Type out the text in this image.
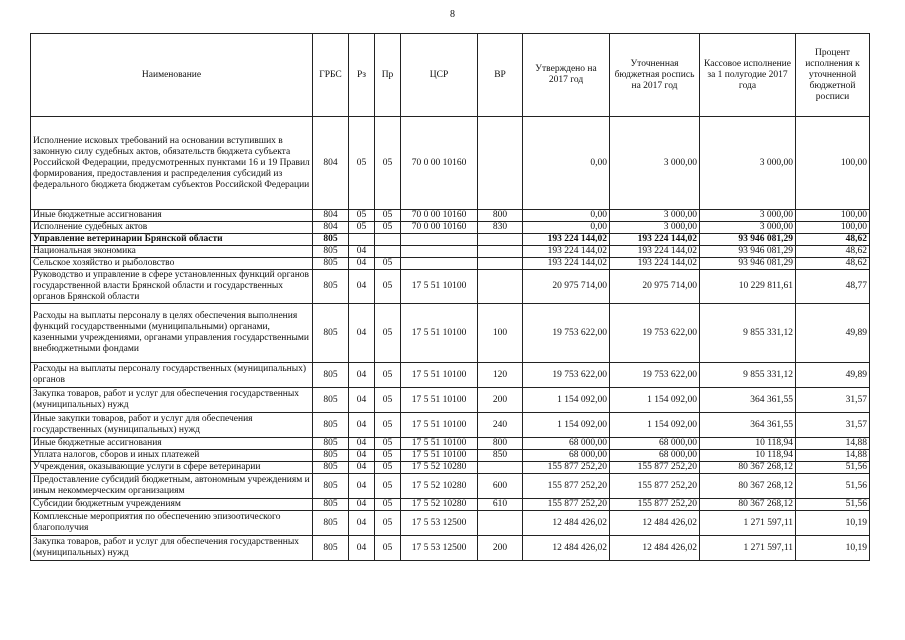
8
Наименование	ГРБС	Рз	Пр	ЦСР	ВР	Утверждено на 2017 год	Уточненная бюджетная роспись на 2017 год	Кассовое исполнение за 1 полугодие 2017 года	Процент исполнения к уточненной бюджетной росписи
Исполнение исковых требований на основании вступивших в законную силу судебных актов, обязательств бюджета субъекта Российской Федерации, предусмотренных пунктами 16 и 19 Правил формирования, предоставления и распределения субсидий из федерального бюджета бюджетам субъектов Российской Федерации	804	05	05	70 0 00 10160		0,00	3 000,00	3 000,00	100,00
Иные бюджетные ассигнования	804	05	05	70 0 00 10160	800	0,00	3 000,00	3 000,00	100,00
Исполнение судебных актов	804	05	05	70 0 00 10160	830	0,00	3 000,00	3 000,00	100,00
Управление ветеринарии Брянской области	805					193 224 144,02	193 224 144,02	93 946 081,29	48,62
Национальная экономика	805	04				193 224 144,02	193 224 144,02	93 946 081,29	48,62
Сельское хозяйство и рыболовство	805	04	05			193 224 144,02	193 224 144,02	93 946 081,29	48,62
Руководство и управление в сфере установленных функций органов государственной власти Брянской области и государственных органов Брянской области	805	04	05	17 5 51 10100		20 975 714,00	20 975 714,00	10 229 811,61	48,77
Расходы на выплаты персоналу в целях обеспечения выполнения функций государственными (муниципальными) органами, казенными учреждениями, органами управления государственными внебюджетными фондами	805	04	05	17 5 51 10100	100	19 753 622,00	19 753 622,00	9 855 331,12	49,89
Расходы на выплаты персоналу государственных (муниципальных) органов	805	04	05	17 5 51 10100	120	19 753 622,00	19 753 622,00	9 855 331,12	49,89
Закупка товаров, работ и услуг для обеспечения государственных (муниципальных) нужд	805	04	05	17 5 51 10100	200	1 154 092,00	1 154 092,00	364 361,55	31,57
Иные закупки товаров, работ и услуг для обеспечения государственных (муниципальных) нужд	805	04	05	17 5 51 10100	240	1 154 092,00	1 154 092,00	364 361,55	31,57
Иные бюджетные ассигнования	805	04	05	17 5 51 10100	800	68 000,00	68 000,00	10 118,94	14,88
Уплата налогов, сборов и иных платежей	805	04	05	17 5 51 10100	850	68 000,00	68 000,00	10 118,94	14,88
Учреждения, оказывающие услуги в сфере ветеринарии	805	04	05	17 5 52 10280		155 877 252,20	155 877 252,20	80 367 268,12	51,56
Предоставление субсидий бюджетным, автономным учреждениям и иным некоммерческим организациям	805	04	05	17 5 52 10280	600	155 877 252,20	155 877 252,20	80 367 268,12	51,56
Субсидии бюджетным учреждениям	805	04	05	17 5 52 10280	610	155 877 252,20	155 877 252,20	80 367 268,12	51,56
Комплексные мероприятия по обеспечению эпизоотического благополучия	805	04	05	17 5 53 12500		12 484 426,02	12 484 426,02	1 271 597,11	10,19
Закупка товаров, работ и услуг для обеспечения государственных (муниципальных) нужд	805	04	05	17 5 53 12500	200	12 484 426,02	12 484 426,02	1 271 597,11	10,19
